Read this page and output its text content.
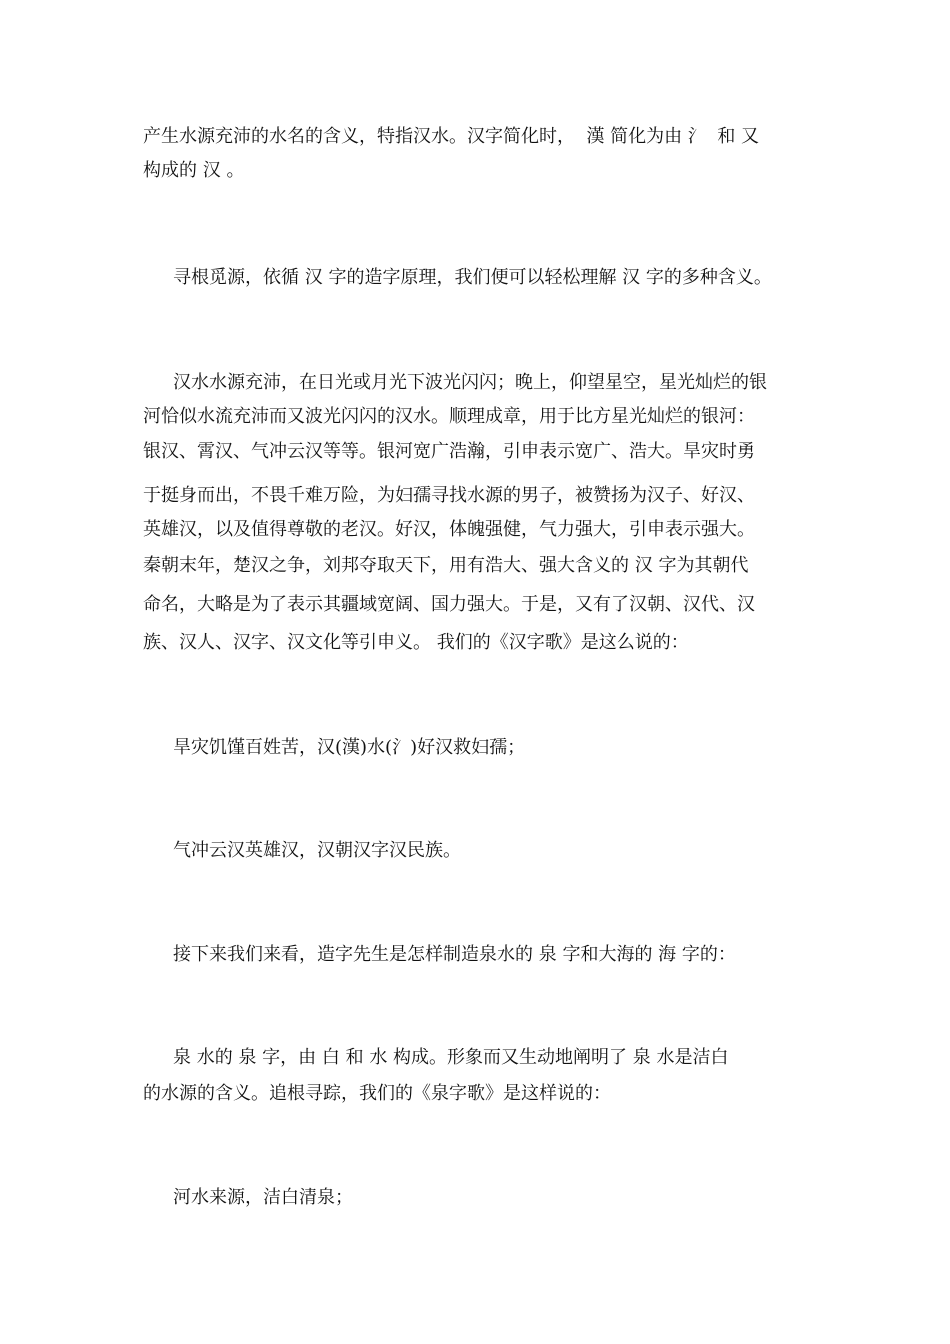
产生水源充沛的水名的含义，特指汉水。汉字简化时，  漢 简化为由 氵  和 又
构成的 汉 。
寻根觅源，依循 汉 字的造字原理，我们便可以轻松理解 汉 字的多种含义。
汉水水源充沛，在日光或月光下波光闪闪；晚上，仰望星空，星光灿烂的银
河恰似水流充沛而又波光闪闪的汉水。顺理成章，用于比方星光灿烂的银河：
银汉、霄汉、气冲云汉等等。银河宽广浩瀚，引申表示宽广、浩大。旱灾时勇
于挺身而出，不畏千难万险，为妇孺寻找水源的男子，被赞扬为汉子、好汉、
英雄汉，以及值得尊敬的老汉。好汉，体魄强健，气力强大，引申表示强大。
秦朝末年，楚汉之争，刘邦夺取天下，用有浩大、强大含义的 汉 字为其朝代
命名，大略是为了表示其疆域宽阔、国力强大。于是，又有了汉朝、汉代、汉
族、汉人、汉字、汉文化等引申义。 我们的《汉字歌》是这么说的：
旱灾饥馑百姓苦，汉(漢)水(氵)好汉救妇孺；
气冲云汉英雄汉，汉朝汉字汉民族。
接下来我们来看，造字先生是怎样制造泉水的 泉 字和大海的 海 字的：
泉 水的 泉 字，由 白 和 水 构成。形象而又生动地阐明了 泉 水是洁白
的水源的含义。追根寻踪，我们的《泉字歌》是这样说的：
河水来源，洁白清泉；
